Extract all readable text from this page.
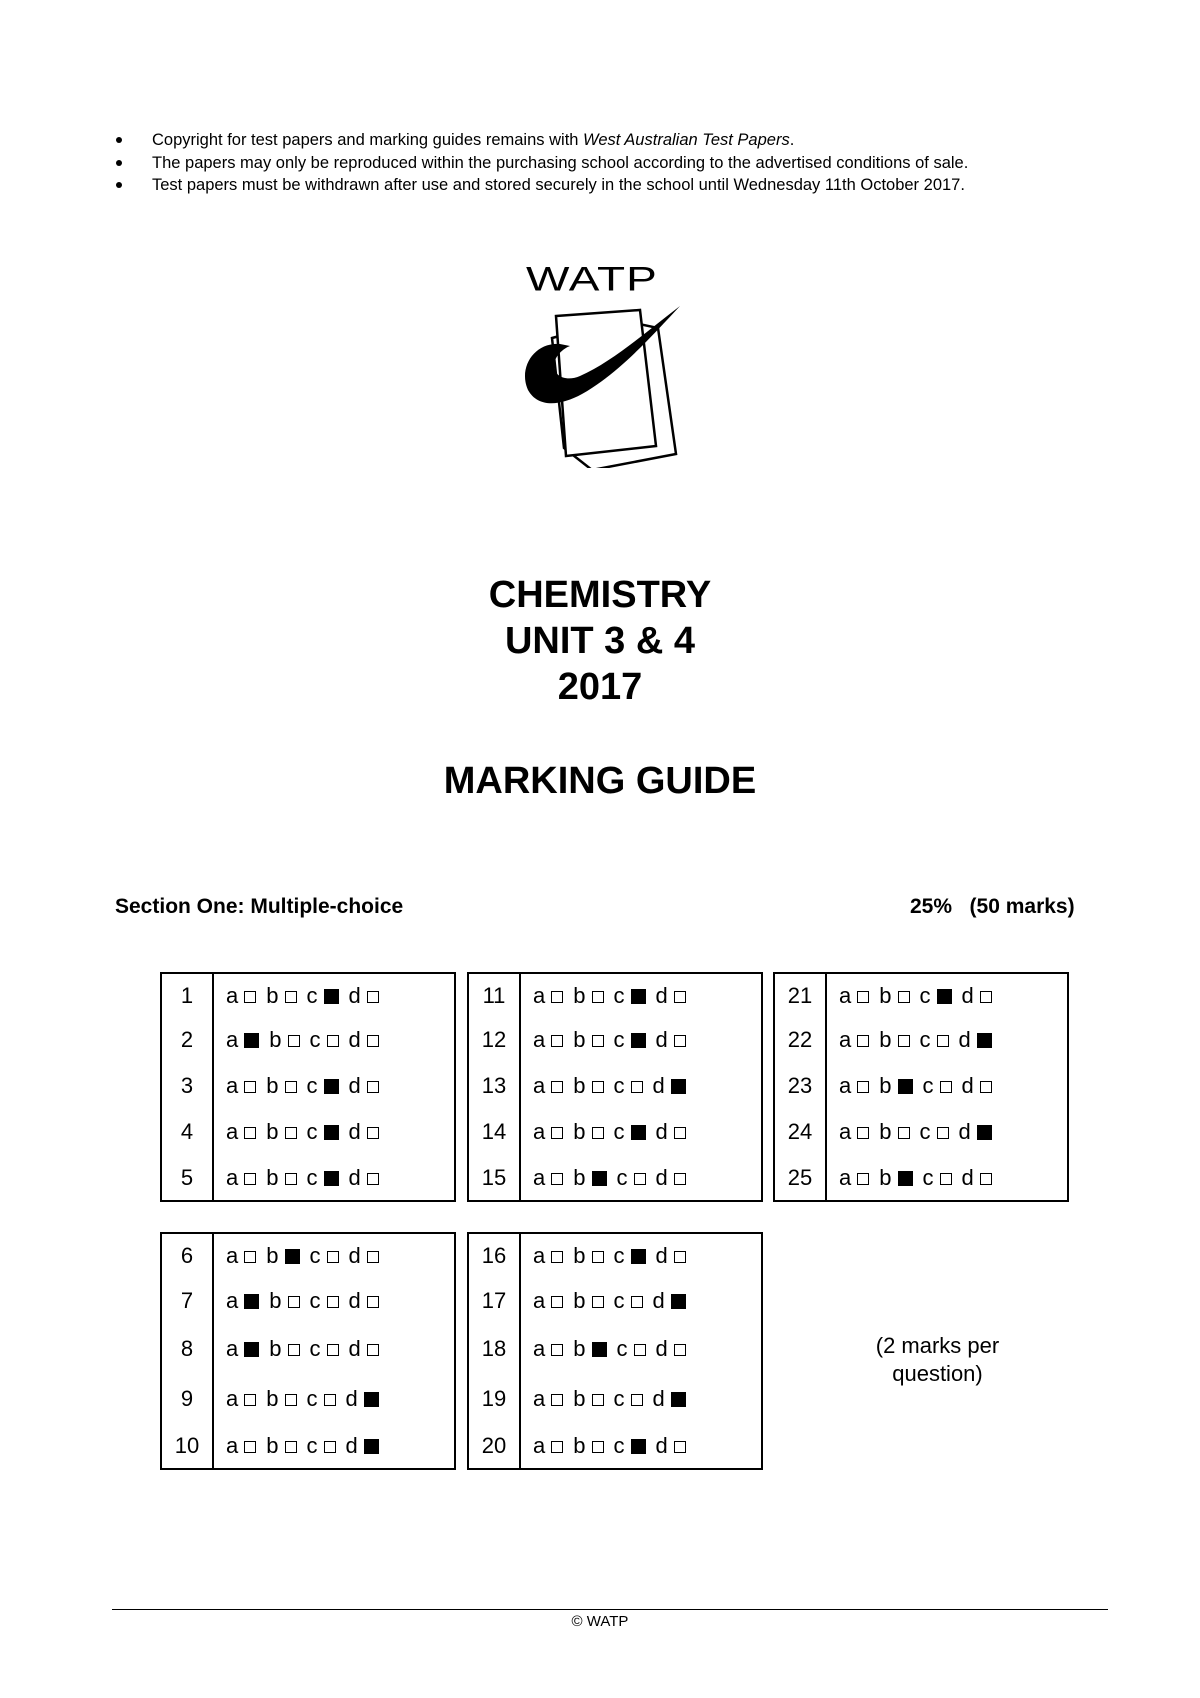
Copyright for test papers and marking guides remains with West Australian Test Papers.
The papers may only be reproduced within the purchasing school according to the advertised conditions of sale.
Test papers must be withdrawn after use and stored securely in the school until Wednesday 11th October 2017.
WATP
CHEMISTRY
UNIT 3 & 4
2017
MARKING GUIDE
Section One: Multiple-choice	25%   (50 marks)
1	a b c d
2	a b c d
3	a b c d
4	a b c d
5	a b c d
11	a b c d
12	a b c d
13	a b c d
14	a b c d
15	a b c d
21	a b c d
22	a b c d
23	a b c d
24	a b c d
25	a b c d
6	a b c d
7	a b c d
8	a b c d
9	a b c d
10	a b c d
16	a b c d
17	a b c d
18	a b c d
19	a b c d
20	a b c d
(2 marks per
question)
© WATP
